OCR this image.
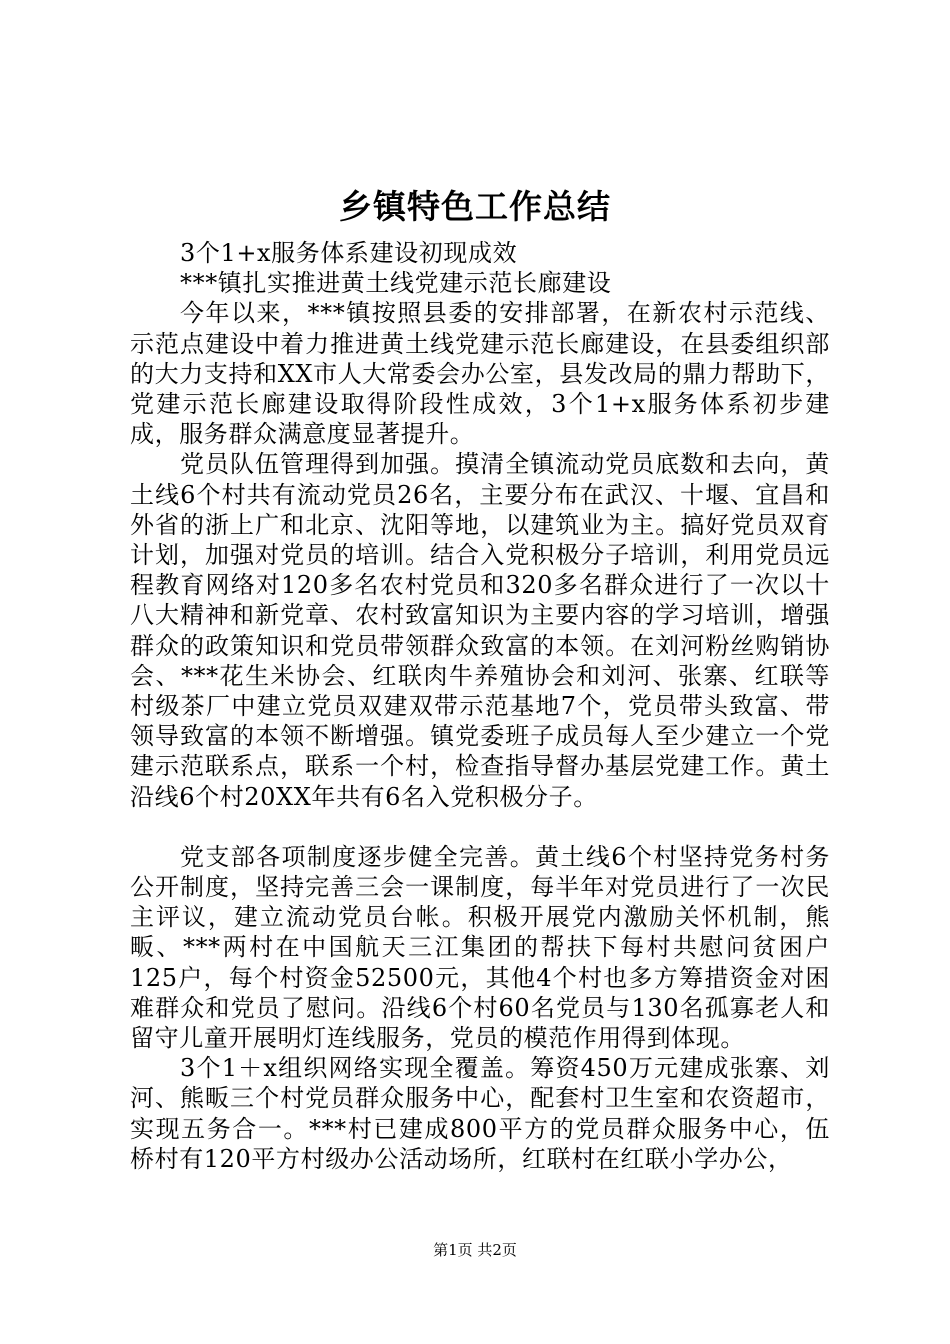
乡镇特色工作总结

3个1+x服务体系建设初现成效

***镇扎实推进黄土线党建示范长廊建设

今年以来，***镇按照县委的安排部署，在新农村示范线、示范点建设中着力推进黄土线党建示范长廊建设，在县委组织部的大力支持和XX市人大常委会办公室，县发改局的鼎力帮助下，党建示范长廊建设取得阶段性成效，3个1+x服务体系初步建成，服务群众满意度显著提升。

党员队伍管理得到加强。摸清全镇流动党员底数和去向，黄土线6个村共有流动党员26名，主要分布在武汉、十堰、宜昌和外省的浙上广和北京、沈阳等地，以建筑业为主。搞好党员双育计划，加强对党员的培训。结合入党积极分子培训，利用党员远程教育网络对120多名农村党员和320多名群众进行了一次以十八大精神和新党章、农村致富知识为主要内容的学习培训，增强群众的政策知识和党员带领群众致富的本领。在刘河粉丝购销协会、***花生米协会、红联肉牛养殖协会和刘河、张寨、红联等村级茶厂中建立党员双建双带示范基地7个，党员带头致富、带领导致富的本领不断增强。镇党委班子成员每人至少建立一个党建示范联系点，联系一个村，检查指导督办基层党建工作。黄土沿线6个村20XX年共有6名入党积极分子。

党支部各项制度逐步健全完善。黄土线6个村坚持党务村务公开制度，坚持完善三会一课制度，每半年对党员进行了一次民主评议，建立流动党员台帐。积极开展党内激励关怀机制，熊畈、***两村在中国航天三江集团的帮扶下每村共慰问贫困户125户，每个村资金52500元，其他4个村也多方筹措资金对困难群众和党员了慰问。沿线6个村60名党员与130名孤寡老人和留守儿童开展明灯连线服务，党员的模范作用得到体现。

3个1＋x组织网络实现全覆盖。筹资450万元建成张寨、刘河、熊畈三个村党员群众服务中心，配套村卫生室和农资超市，实现五务合一。***村已建成800平方的党员群众服务中心，伍桥村有120平方村级办公活动场所，红联村在红联小学办公，

第1页 共2页
